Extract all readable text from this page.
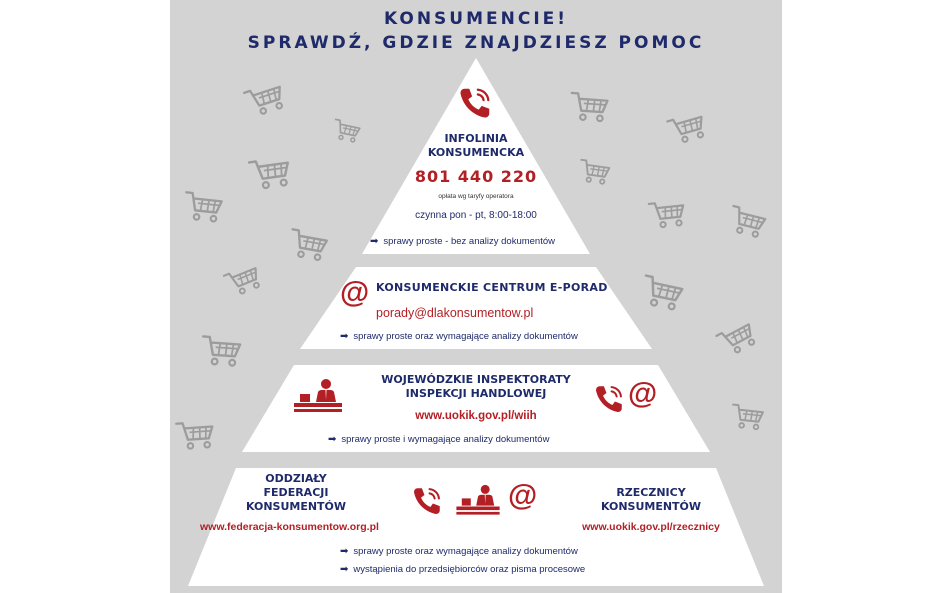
KONSUMENCIE!
SPRAWDŹ, GDZIE ZNAJDZIESZ POMOC
INFOLINIA
KONSUMENCKA
801 440 220
opłata wg taryfy operatora
czynna pon - pt, 8:00-18:00
➡ sprawy proste - bez analizy dokumentów
@ KONSUMENCKIE CENTRUM E-PORAD
porady@dlakonsumentow.pl
➡ sprawy proste oraz wymagające analizy dokumentów
WOJEWÓDZKIE INSPEKTORATY
INSPEKCJI HANDLOWEJ
www.uokik.gov.pl/wiih
@
➡ sprawy proste i wymagające analizy dokumentów
ODDZIAŁY
FEDERACJI
KONSUMENTÓW
www.federacja-konsumentow.org.pl
@	RZECZNICY
KONSUMENTÓW
www.uokik.gov.pl/rzecznicy
➡ sprawy proste oraz wymagające analizy dokumentów
➡ wystąpienia do przedsiębiorców oraz pisma procesowe
